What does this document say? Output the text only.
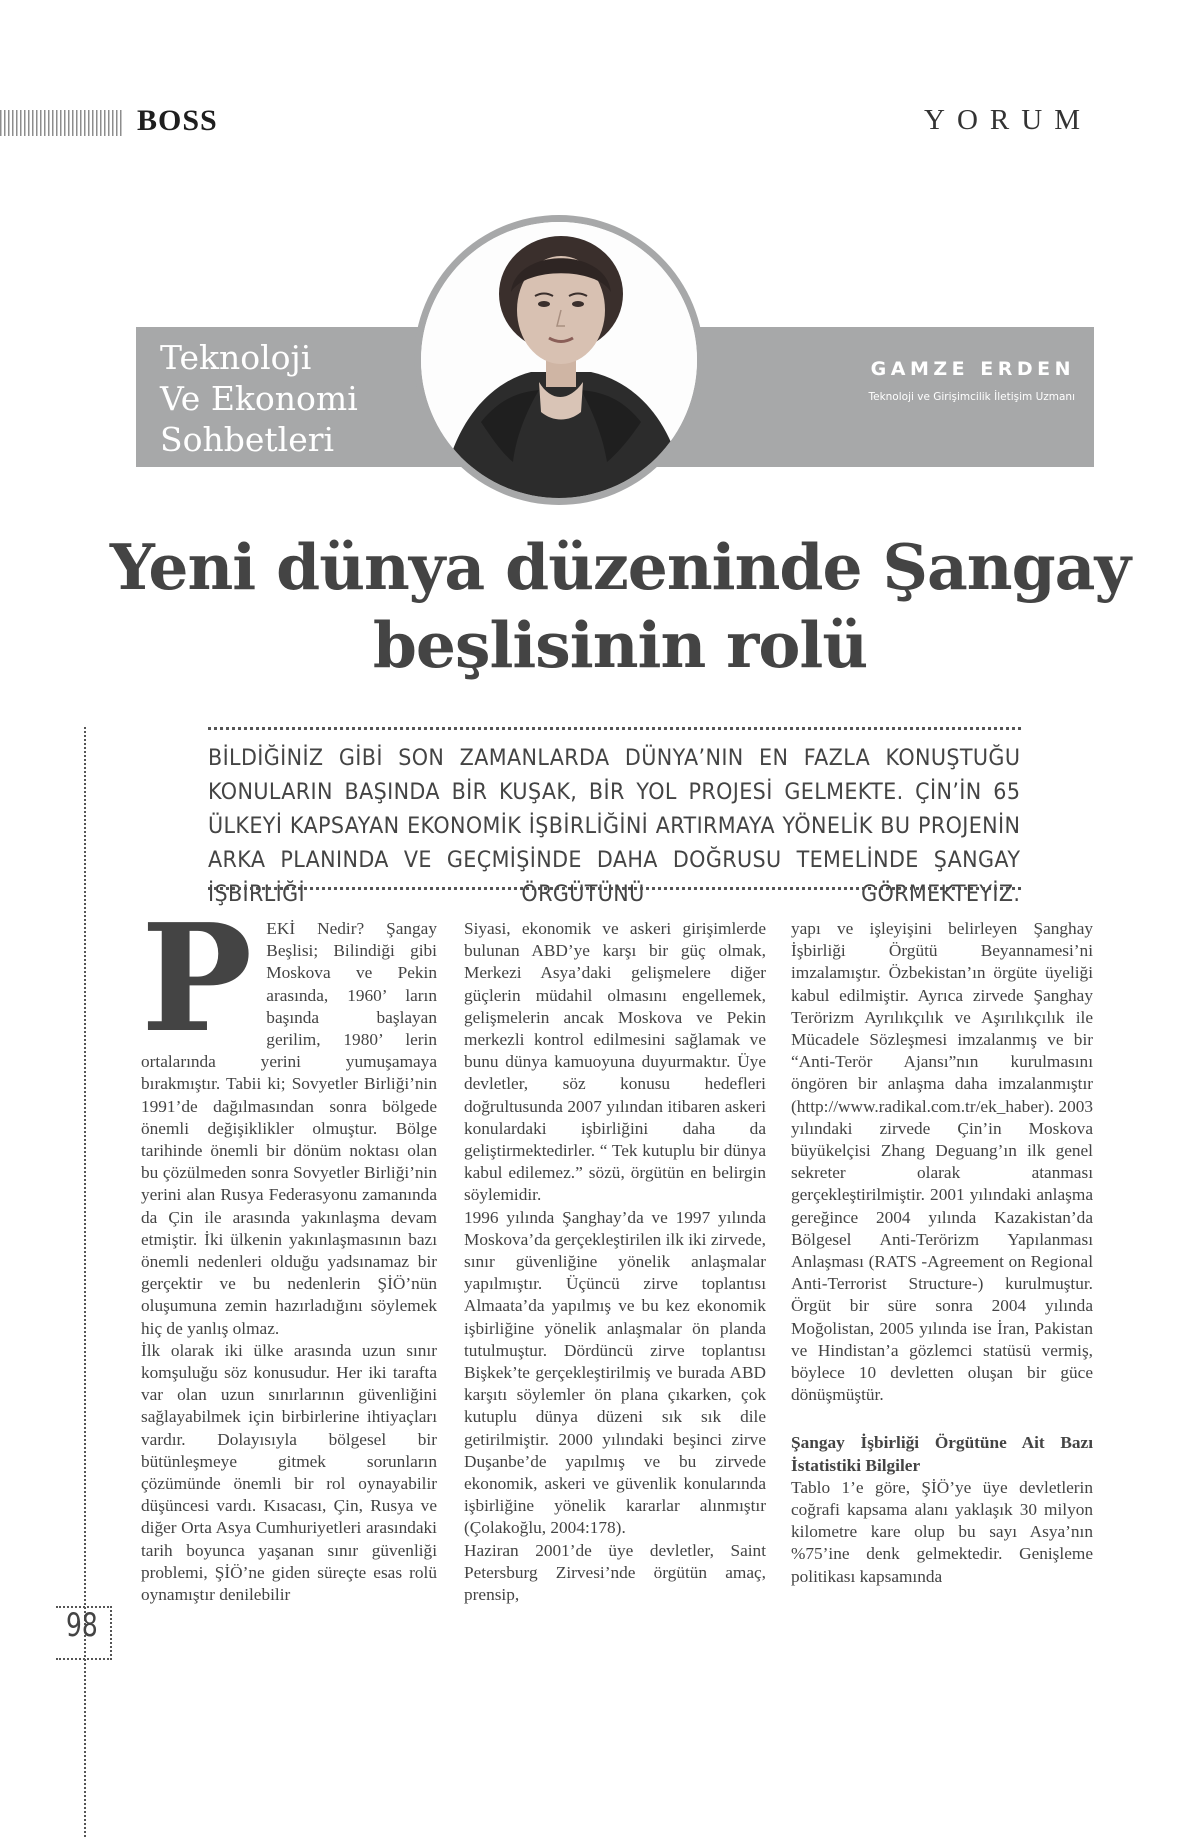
BOSS	YORUM
Teknoloji
Ve Ekonomi
Sohbetleri
GAMZE ERDEN
Teknoloji ve Girişimcilik İletişim Uzmanı
Yeni dünya düzeninde Şangay
beşlisinin rolü
BİLDİĞİNİZ GİBİ SON ZAMANLARDA DÜNYA’NIN EN FAZLA KONUŞTUĞU KONULARIN BAŞINDA BİR KUŞAK, BİR YOL PROJESİ GELMEKTE. ÇİN’İN 65 ÜLKEYİ KAPSAYAN EKONOMİK İŞBİRLİĞİNİ ARTIRMAYA YÖNELİK BU PROJENİN ARKA PLANINDA VE GEÇMİŞİNDE DAHA DOĞRUSU TEMELİNDE ŞANGAY İŞBİRLİĞİ ÖRGÜTÜNÜ GÖRMEKTEYİZ.
98
P EKİ Nedir? Şangay Beşlisi; Bilindiği gibi Moskova ve Pekin arasında, 1960’ ların başında başlayan gerilim, 1980’ lerin ortalarında yerini yumuşamaya bırakmıştır. Tabii ki; Sovyetler Birliği’nin 1991’de dağılmasından sonra bölgede önemli değişiklikler olmuştur. Bölge tarihinde önemli bir dönüm noktası olan bu çözülmeden sonra Sovyetler Birliği’nin yerini alan Rusya Federasyonu zamanında da Çin ile arasında yakınlaşma devam etmiştir. İki ülkenin yakınlaşmasının bazı önemli nedenleri olduğu yadsınamaz bir gerçektir ve bu nedenlerin ŞİÖ’nün oluşumuna zemin hazırladığını söylemek hiç de yanlış olmaz.

İlk olarak iki ülke arasında uzun sınır komşuluğu söz konusudur. Her iki tarafta var olan uzun sınırlarının güvenliğini sağlayabilmek için birbirlerine ihtiyaçları vardır. Dolayısıyla bölgesel bir bütünleşmeye gitmek sorunların çözümünde önemli bir rol oynayabilir düşüncesi vardı. Kısacası, Çin, Rusya ve diğer Orta Asya Cumhuriyetleri arasındaki tarih boyunca yaşanan sınır güvenliği problemi, ŞİÖ’ne giden süreçte esas rolü oynamıştır denilebilir

Siyasi, ekonomik ve askeri girişimlerde bulunan ABD’ye karşı bir güç olmak, Merkezi Asya’daki gelişmelere diğer güçlerin müdahil olmasını engellemek, gelişmelerin ancak Moskova ve Pekin merkezli kontrol edilmesini sağlamak ve bunu dünya kamuoyuna duyurmaktır. Üye devletler, söz konusu hedefleri doğrultusunda 2007 yılından itibaren askeri konulardaki işbirliğini daha da geliştirmektedirler. “ Tek kutuplu bir dünya kabul edilemez.” sözü, örgütün en belirgin söylemidir.

1996 yılında Şanghay’da ve 1997 yılında Moskova’da gerçekleştirilen ilk iki zirvede, sınır güvenliğine yönelik anlaşmalar yapılmıştır. Üçüncü zirve toplantısı Almaata’da yapılmış ve bu kez ekonomik işbirliğine yönelik anlaşmalar ön planda tutulmuştur. Dördüncü zirve toplantısı Bişkek’te gerçekleştirilmiş ve burada ABD karşıtı söylemler ön plana çıkarken, çok kutuplu dünya düzeni sık sık dile getirilmiştir. 2000 yılındaki beşinci zirve Duşanbe’de yapılmış ve bu zirvede ekonomik, askeri ve güvenlik konularında işbirliğine yönelik kararlar alınmıştır (Çolakoğlu, 2004:178).

Haziran 2001’de üye devletler, Saint Petersburg Zirvesi’nde örgütün amaç, prensip,

yapı ve işleyişini belirleyen Şanghay İşbirliği Örgütü Beyannamesi’ni imzalamıştır. Özbekistan’ın örgüte üyeliği kabul edilmiştir. Ayrıca zirvede Şanghay Terörizm Ayrılıkçılık ve Aşırılıkçılık ile Mücadele Sözleşmesi imzalanmış ve bir “Anti-Terör Ajansı”nın kurulmasını öngören bir anlaşma daha imzalanmıştır (http://www.radikal.com.tr/ek_haber). 2003 yılındaki zirvede Çin’in Moskova büyükelçisi Zhang Deguang’ın ilk genel sekreter olarak atanması gerçekleştirilmiştir. 2001 yılındaki anlaşma gereğince 2004 yılında Kazakistan’da Bölgesel Anti-Terörizm Yapılanması Anlaşması (RATS -Agreement on Regional Anti-Terrorist Structure-) kurulmuştur. Örgüt bir süre sonra 2004 yılında Moğolistan, 2005 yılında ise İran, Pakistan ve Hindistan’a gözlemci statüsü vermiş, böylece 10 devletten oluşan bir güce dönüşmüştür.

Şangay İşbirliği Örgütüne Ait Bazı İstatistiki Bilgiler

Tablo 1’e göre, ŞİÖ’ye üye devletlerin coğrafi kapsama alanı yaklaşık 30 milyon kilometre kare olup bu sayı Asya’nın %75’ine denk gelmektedir. Genişleme politikası kapsamında
